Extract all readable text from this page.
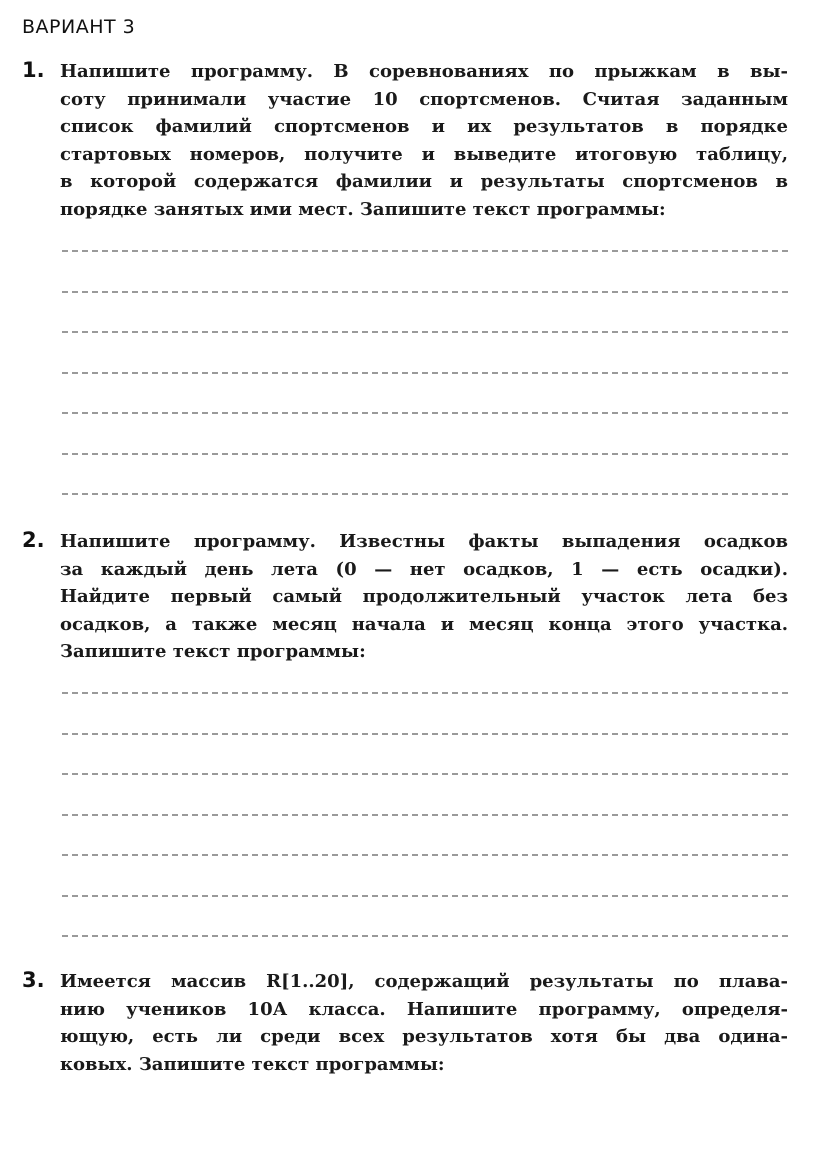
ВАРИАНТ 3
1. Напишите программу. В соревнованиях по прыжкам в вы-
соту принимали участие 10 спортсменов. Считая заданным
список фамилий спортсменов и их результатов в порядке
стартовых номеров, получите и выведите итоговую таблицу,
в которой содержатся фамилии и результаты спортсменов в
порядке занятых ими мест. Запишите текст программы:
2. Напишите программу. Известны факты выпадения осадков
за каждый день лета (0 — нет осадков, 1 — есть осадки).
Найдите первый самый продолжительный участок лета без
осадков, а также месяц начала и месяц конца этого участка.
Запишите текст программы:
3. Имеется массив R[1..20], содержащий результаты по плава-
нию учеников 10А класса. Напишите программу, определя-
ющую, есть ли среди всех результатов хотя бы два одина-
ковых. Запишите текст программы:
